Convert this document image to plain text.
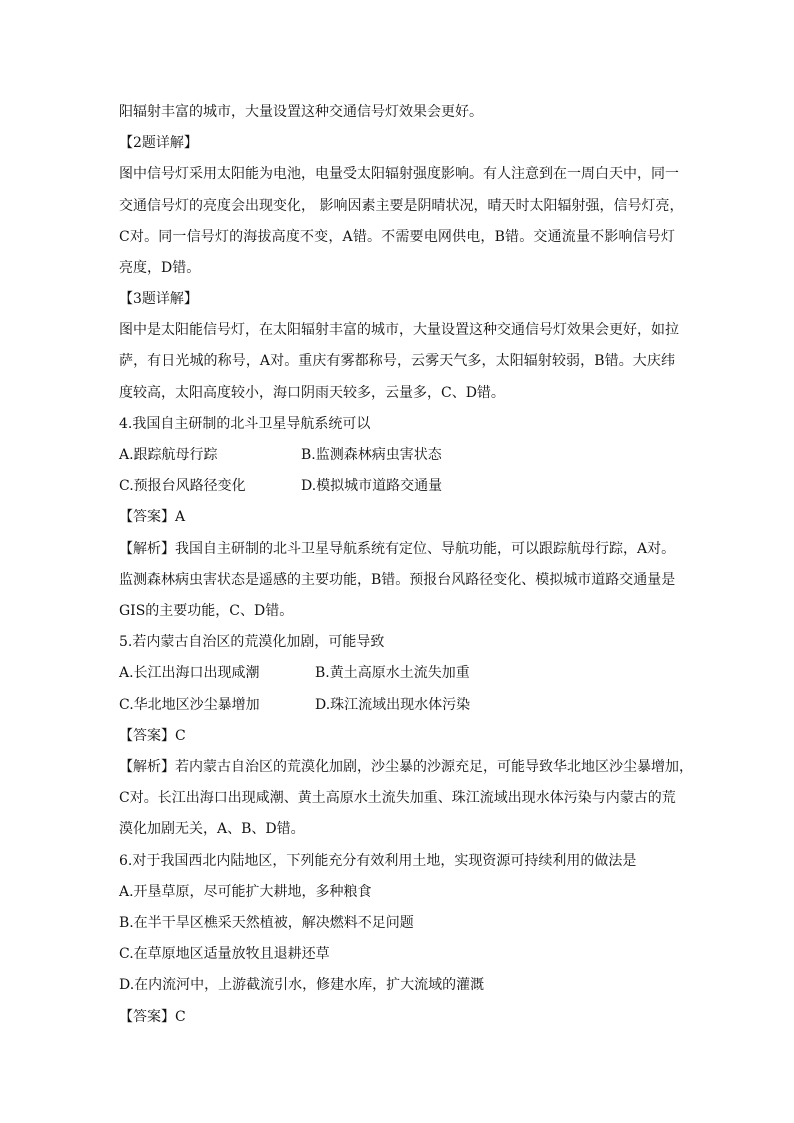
阳辐射丰富的城市，大量设置这种交通信号灯效果会更好。
【2题详解】
图中信号灯采用太阳能为电池，电量受太阳辐射强度影响。有人注意到在一周白天中，同一
交通信号灯的亮度会出现变化， 影响因素主要是阴晴状况，晴天时太阳辐射强，信号灯亮，
C对。同一信号灯的海拔高度不变，A错。不需要电网供电，B错。交通流量不影响信号灯
亮度，D错。
【3题详解】
图中是太阳能信号灯，在太阳辐射丰富的城市，大量设置这种交通信号灯效果会更好，如拉
萨，有日光城的称号，A对。重庆有雾都称号，云雾天气多，太阳辐射较弱，B错。大庆纬
度较高，太阳高度较小，海口阴雨天较多，云量多，C、D错。
4.我国自主研制的北斗卫星导航系统可以
A.跟踪航母行踪	B.监测森林病虫害状态
C.预报台风路径变化	D.模拟城市道路交通量
【答案】A
【解析】我国自主研制的北斗卫星导航系统有定位、导航功能，可以跟踪航母行踪，A对。
监测森林病虫害状态是遥感的主要功能，B错。预报台风路径变化、模拟城市道路交通量是
GIS的主要功能，C、D错。
5.若内蒙古自治区的荒漠化加剧，可能导致
A.长江出海口出现咸潮	B.黄土高原水土流失加重
C.华北地区沙尘暴增加	D.珠江流域出现水体污染
【答案】C
【解析】若内蒙古自治区的荒漠化加剧，沙尘暴的沙源充足，可能导致华北地区沙尘暴增加，
C对。长江出海口出现咸潮、黄土高原水土流失加重、珠江流域出现水体污染与内蒙古的荒
漠化加剧无关，A、B、D错。
6.对于我国西北内陆地区，下列能充分有效利用土地，实现资源可持续利用的做法是
A.开垦草原，尽可能扩大耕地，多种粮食
B.在半干旱区樵采天然植被，解决燃料不足问题
C.在草原地区适量放牧且退耕还草
D.在内流河中，上游截流引水，修建水库，扩大流域的灌溉
【答案】C
